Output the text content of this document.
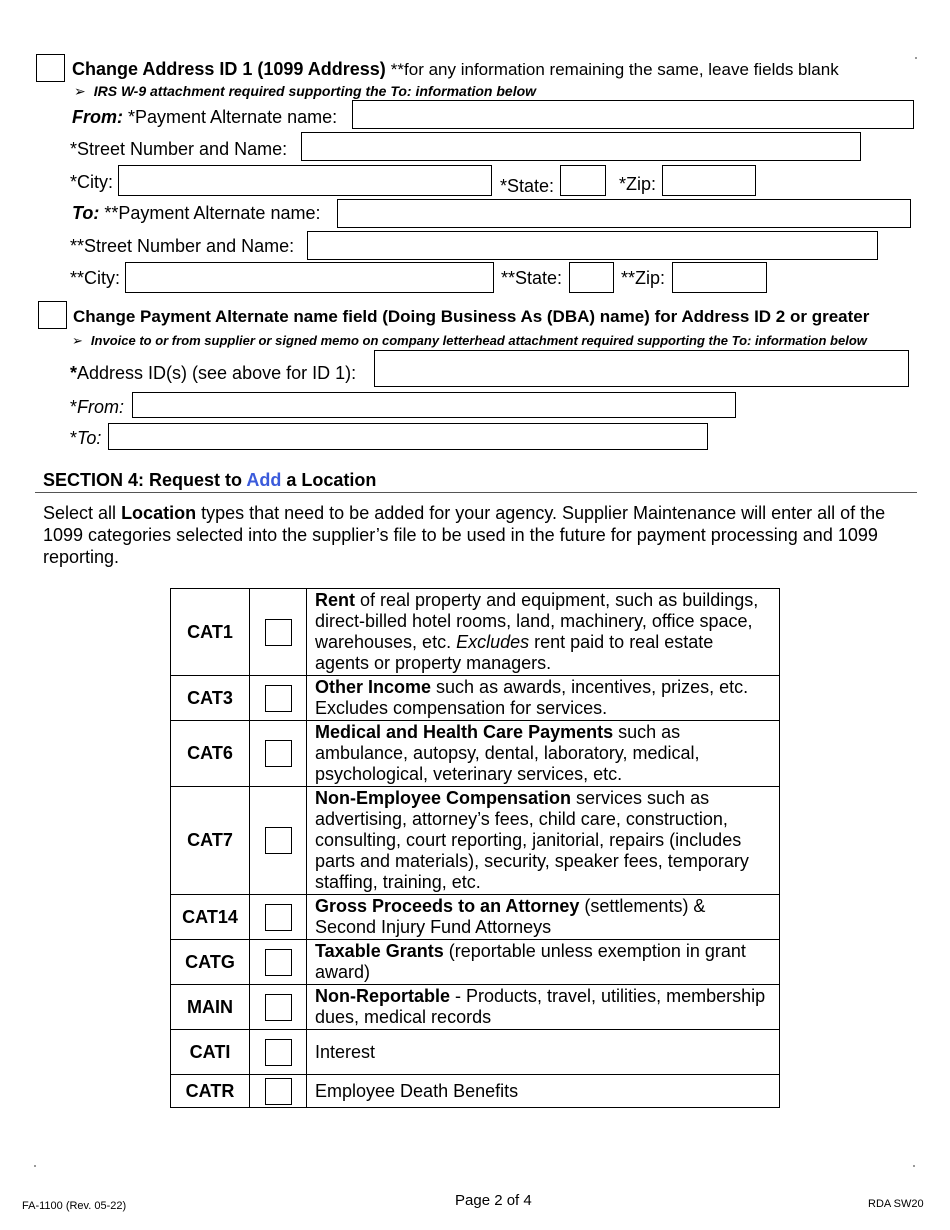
Change Address ID 1 (1099 Address) **for any information remaining the same, leave fields blank
➢ IRS W-9 attachment required supporting the To: information below
From: *Payment Alternate name:
*Street Number and Name:
*City:	*State:	*Zip:
To: **Payment Alternate name:
**Street Number and Name:
**City:	**State:	**Zip:
Change Payment Alternate name field (Doing Business As (DBA) name) for Address ID 2 or greater
➢ Invoice to or from supplier or signed memo on company letterhead attachment required supporting the To: information below
*Address ID(s) (see above for ID 1):
*From:
*To:
SECTION 4: Request to Add a Location
Select all Location types that need to be added for your agency. Supplier Maintenance will enter all of the 1099 categories selected into the supplier’s file to be used in the future for payment processing and 1099 reporting.
CAT1		Rent of real property and equipment, such as buildings, direct-billed hotel rooms, land, machinery, office space, warehouses, etc. Excludes rent paid to real estate agents or property managers.
CAT3		Other Income such as awards, incentives, prizes, etc. Excludes compensation for services.
CAT6		Medical and Health Care Payments such as ambulance, autopsy, dental, laboratory, medical, psychological, veterinary services, etc.
CAT7		Non-Employee Compensation services such as advertising, attorney’s fees, child care, construction, consulting, court reporting, janitorial, repairs (includes parts and materials), security, speaker fees, temporary staffing, training, etc.
CAT14		Gross Proceeds to an Attorney (settlements) & Second Injury Fund Attorneys
CATG		Taxable Grants (reportable unless exemption in grant award)
MAIN		Non-Reportable - Products, travel, utilities, membership dues, medical records
CATI		Interest
CATR		Employee Death Benefits
FA-1100 (Rev. 05-22)	Page 2 of 4	RDA SW20
